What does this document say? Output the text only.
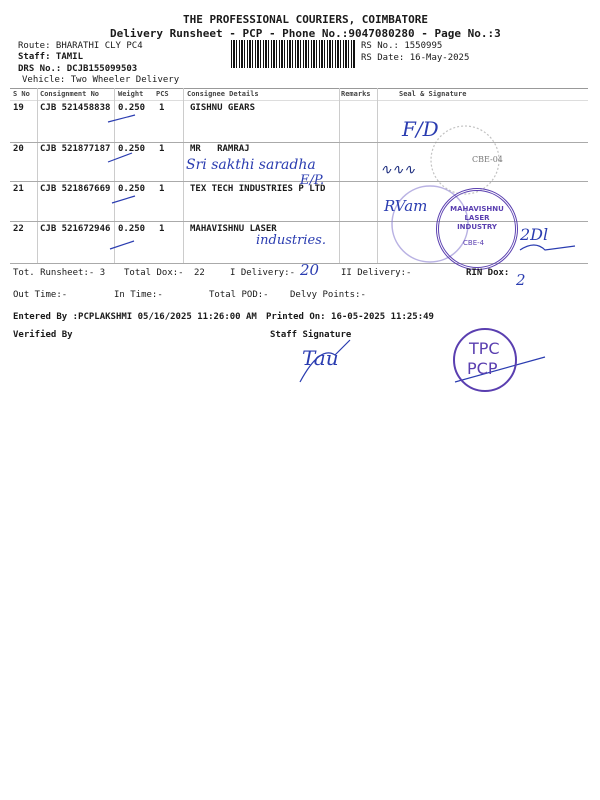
THE PROFESSIONAL COURIERS, COIMBATORE
Delivery Runsheet - PCP - Phone No.:9047080280 - Page No.:3
Route: BHARATHI CLY PC4
Staff: TAMIL
DRS No.: DCJB155099503
Vehicle: Two Wheeler Delivery
RS No.: 1550995
RS Date: 16-May-2025
S No Consignment No	Weight PCS	Consignee Details	Remarks	Seal & Signature
19 CJB 521458838 0.250 1	GISHNU GEARS
20 CJB 521877187 0.250 1	MR   RAMRAJ
21 CJB 521867669 0.250 1	TEX TECH INDUSTRIES P LTD
22 CJB 521672946 0.250 1	MAHAVISHNU LASER
F/D
Sri sakthi saradha
E/P.
CBE-04
∿∿∿
RVam
industries.
MAHAVISHNU LASER INDUSTRY
CBE-4
TPC
PCP
2Dl
Tot. Runsheet:- 3 Total Dox:- 22	I Delivery:- 20 II Delivery:-	RIN Dox: 2
Out Time:-	In Time:-	Total POD:- Delvy Points:-
Entered By :PCPLAKSHMI 05/16/2025 11:26:00 AM Printed On: 16-05-2025 11:25:49
Verified By	Staff Signature
Tau
